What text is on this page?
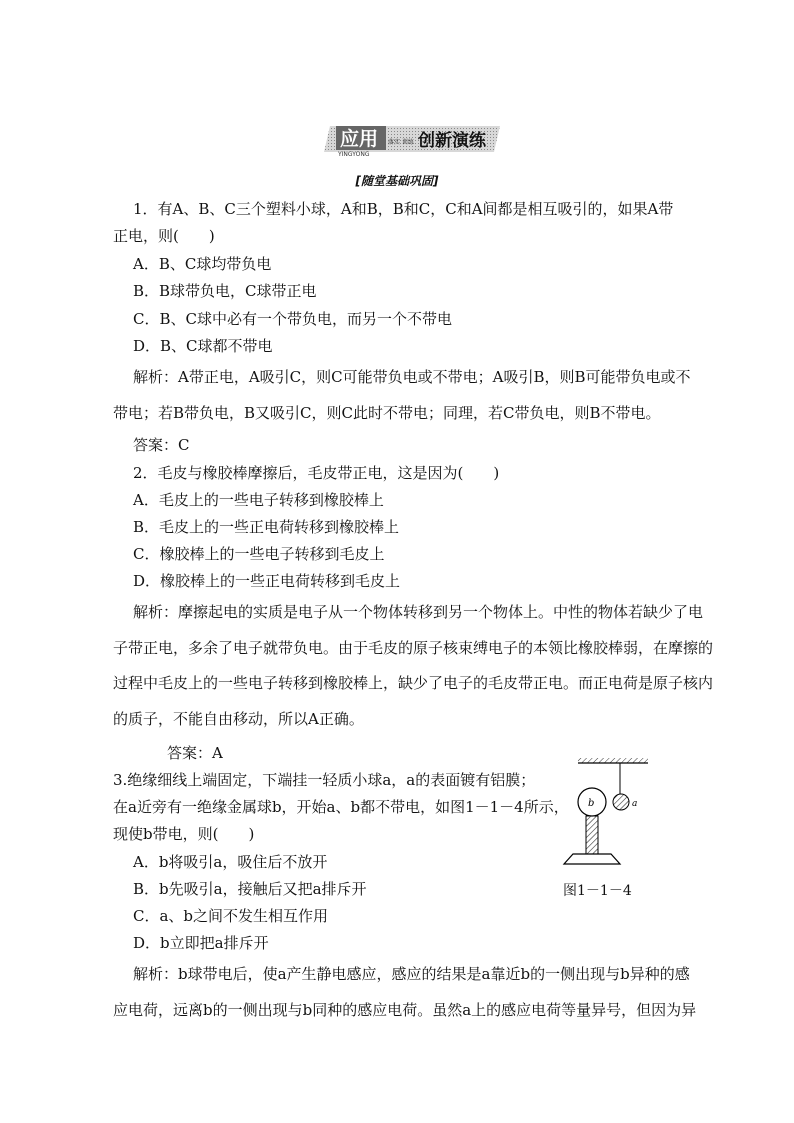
应用
YINGYONG
落实 训练 创新演练
[随堂基础巩固]
1．有A、B、C三个塑料小球，A和B，B和C，C和A间都是相互吸引的，如果A带
正电，则(　　)
A．B、C球均带负电
B．B球带负电，C球带正电
C．B、C球中必有一个带负电，而另一个不带电
D．B、C球都不带电
解析：A带正电，A吸引C，则C可能带负电或不带电；A吸引B，则B可能带负电或不
带电；若B带负电，B又吸引C，则C此时不带电；同理，若C带负电，则B不带电。
答案：C
2．毛皮与橡胶棒摩擦后，毛皮带正电，这是因为(　　)
A．毛皮上的一些电子转移到橡胶棒上
B．毛皮上的一些正电荷转移到橡胶棒上
C．橡胶棒上的一些电子转移到毛皮上
D．橡胶棒上的一些正电荷转移到毛皮上
解析：摩擦起电的实质是电子从一个物体转移到另一个物体上。中性的物体若缺少了电
子带正电，多余了电子就带负电。由于毛皮的原子核束缚电子的本领比橡胶棒弱，在摩擦的
过程中毛皮上的一些电子转移到橡胶棒上，缺少了电子的毛皮带正电。而正电荷是原子核内
的质子，不能自由移动，所以A正确。
答案：A
3.绝缘细线上端固定，下端挂一轻质小球a，a的表面镀有铝膜；
在a近旁有一绝缘金属球b，开始a、b都不带电，如图1－1－4所示，
现使b带电，则(　　)
A．b将吸引a，吸住后不放开
B．b先吸引a，接触后又把a排斥开
C．a、b之间不发生相互作用
D．b立即把a排斥开
解析：b球带电后，使a产生静电感应，感应的结果是a靠近b的一侧出现与b异种的感
应电荷，远离b的一侧出现与b同种的感应电荷。虽然a上的感应电荷等量异号，但因为异
a
b
图1－1－4
